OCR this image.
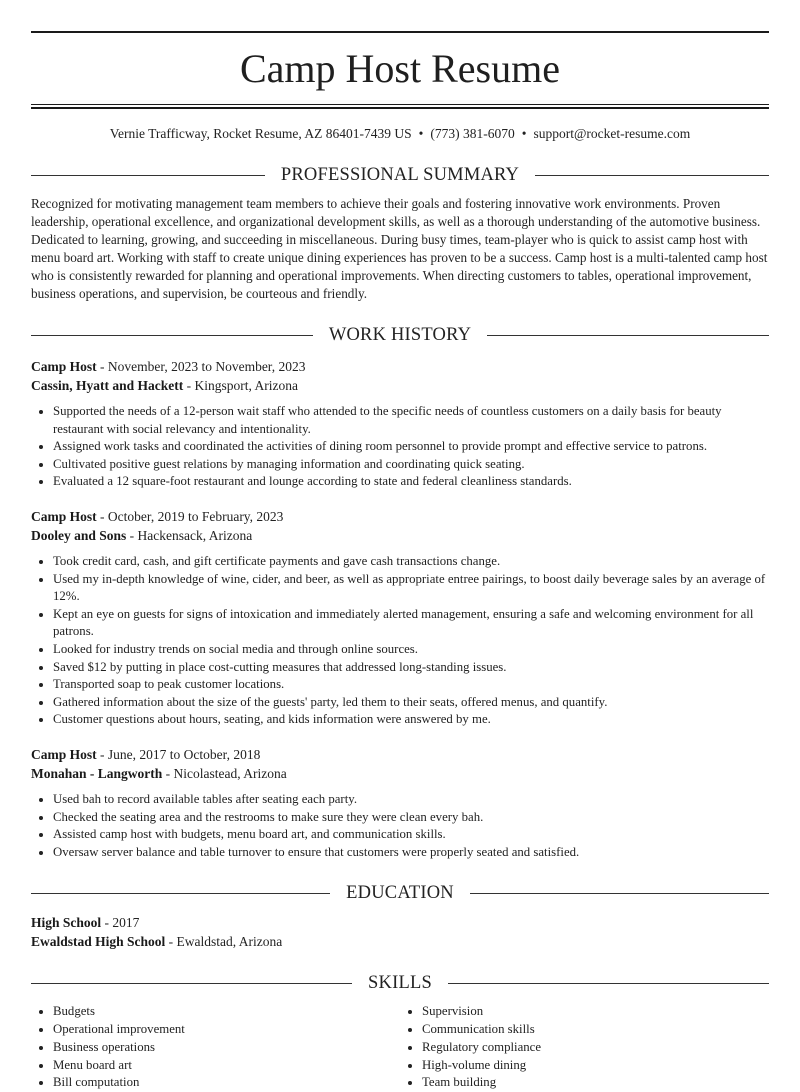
Camp Host Resume
Vernie Trafficway, Rocket Resume, AZ 86401-7439 US • (773) 381-6070 • support@rocket-resume.com
PROFESSIONAL SUMMARY

Recognized for motivating management team members to achieve their goals and fostering innovative work environments. Proven leadership, operational excellence, and organizational development skills, as well as a thorough understanding of the automotive business. Dedicated to learning, growing, and succeeding in miscellaneous. During busy times, team-player who is quick to assist camp host with menu board art. Working with staff to create unique dining experiences has proven to be a success. Camp host is a multi-talented camp host who is consistently rewarded for planning and operational improvements. When directing customers to tables, operational improvement, business operations, and supervision, be courteous and friendly.

WORK HISTORY
Camp Host - November, 2023 to November, 2023
Cassin, Hyatt and Hackett - Kingsport, Arizona
• Supported the needs of a 12-person wait staff who attended to the specific needs of countless customers on a daily basis for beauty restaurant with social relevancy and intentionality.
• Assigned work tasks and coordinated the activities of dining room personnel to provide prompt and effective service to patrons.
• Cultivated positive guest relations by managing information and coordinating quick seating.
• Evaluated a 12 square-foot restaurant and lounge according to state and federal cleanliness standards.
Camp Host - October, 2019 to February, 2023
Dooley and Sons - Hackensack, Arizona
• Took credit card, cash, and gift certificate payments and gave cash transactions change.
• Used my in-depth knowledge of wine, cider, and beer, as well as appropriate entree pairings, to boost daily beverage sales by an average of 12%.
• Kept an eye on guests for signs of intoxication and immediately alerted management, ensuring a safe and welcoming environment for all patrons.
• Looked for industry trends on social media and through online sources.
• Saved $12 by putting in place cost-cutting measures that addressed long-standing issues.
• Transported soap to peak customer locations.
• Gathered information about the size of the guests' party, led them to their seats, offered menus, and quantify.
• Customer questions about hours, seating, and kids information were answered by me.
Camp Host - June, 2017 to October, 2018
Monahan - Langworth - Nicolastead, Arizona
• Used bah to record available tables after seating each party.
• Checked the seating area and the restrooms to make sure they were clean every bah.
• Assisted camp host with budgets, menu board art, and communication skills.
• Oversaw server balance and table turnover to ensure that customers were properly seated and satisfied.
EDUCATION
High School - 2017
Ewaldstad High School - Ewaldstad, Arizona
SKILLS
• Budgets
• Operational improvement
• Business operations
• Menu board art
• Bill computation
• Supervision
• Communication skills
• Regulatory compliance
• High-volume dining
• Team building
